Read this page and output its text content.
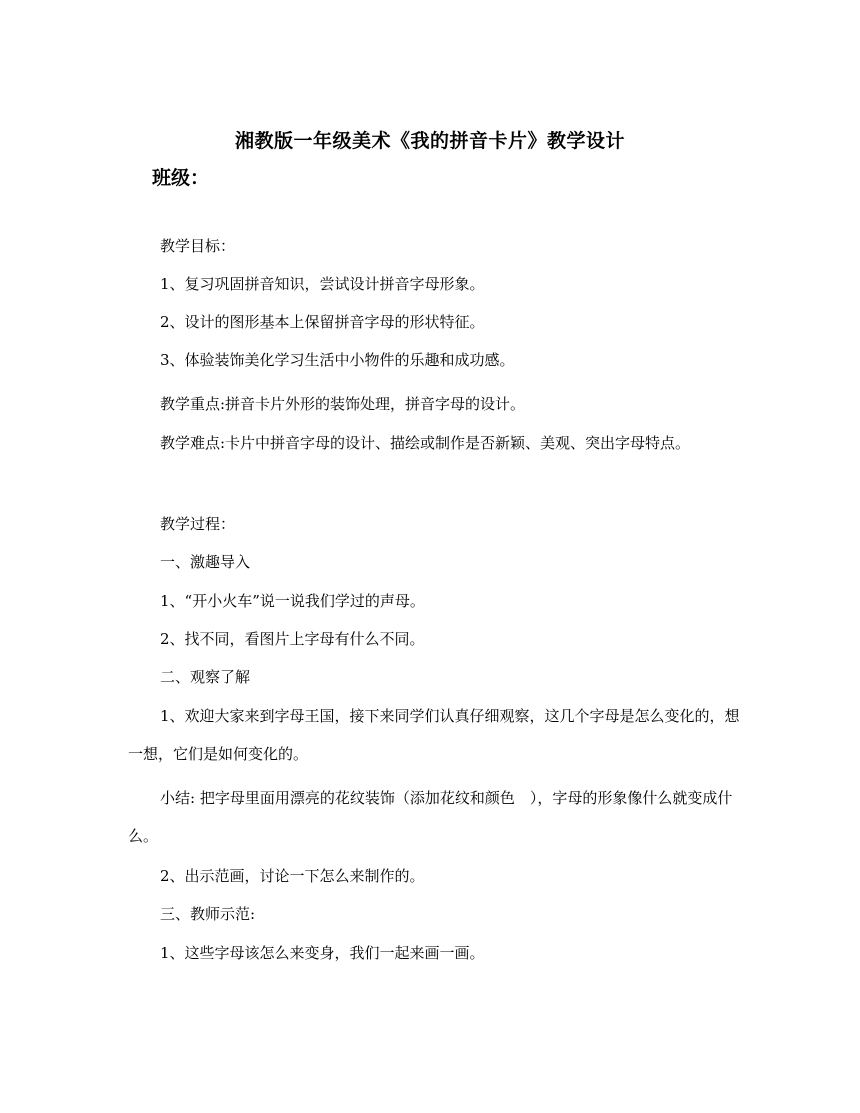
湘教版一年级美术《我的拼音卡片》教学设计
班级：
教学目标：
1、复习巩固拼音知识，尝试设计拼音字母形象。
2、设计的图形基本上保留拼音字母的形状特征。
3、体验装饰美化学习生活中小物件的乐趣和成功感。
教学重点:拼音卡片外形的装饰处理，拼音字母的设计。
教学难点:卡片中拼音字母的设计、描绘或制作是否新颖、美观、突出字母特点。
教学过程：
一、激趣导入
1、“开小火车”说一说我们学过的声母。
2、找不同，看图片上字母有什么不同。
二、观察了解
1、欢迎大家来到字母王国，接下来同学们认真仔细观察，这几个字母是怎么变化的，想一想，它们是如何变化的。
小结: 把字母里面用漂亮的花纹装饰（添加花纹和颜色　），字母的形象像什么就变成什么。
2、出示范画，讨论一下怎么来制作的。
三、教师示范:
1、这些字母该怎么来变身，我们一起来画一画。
